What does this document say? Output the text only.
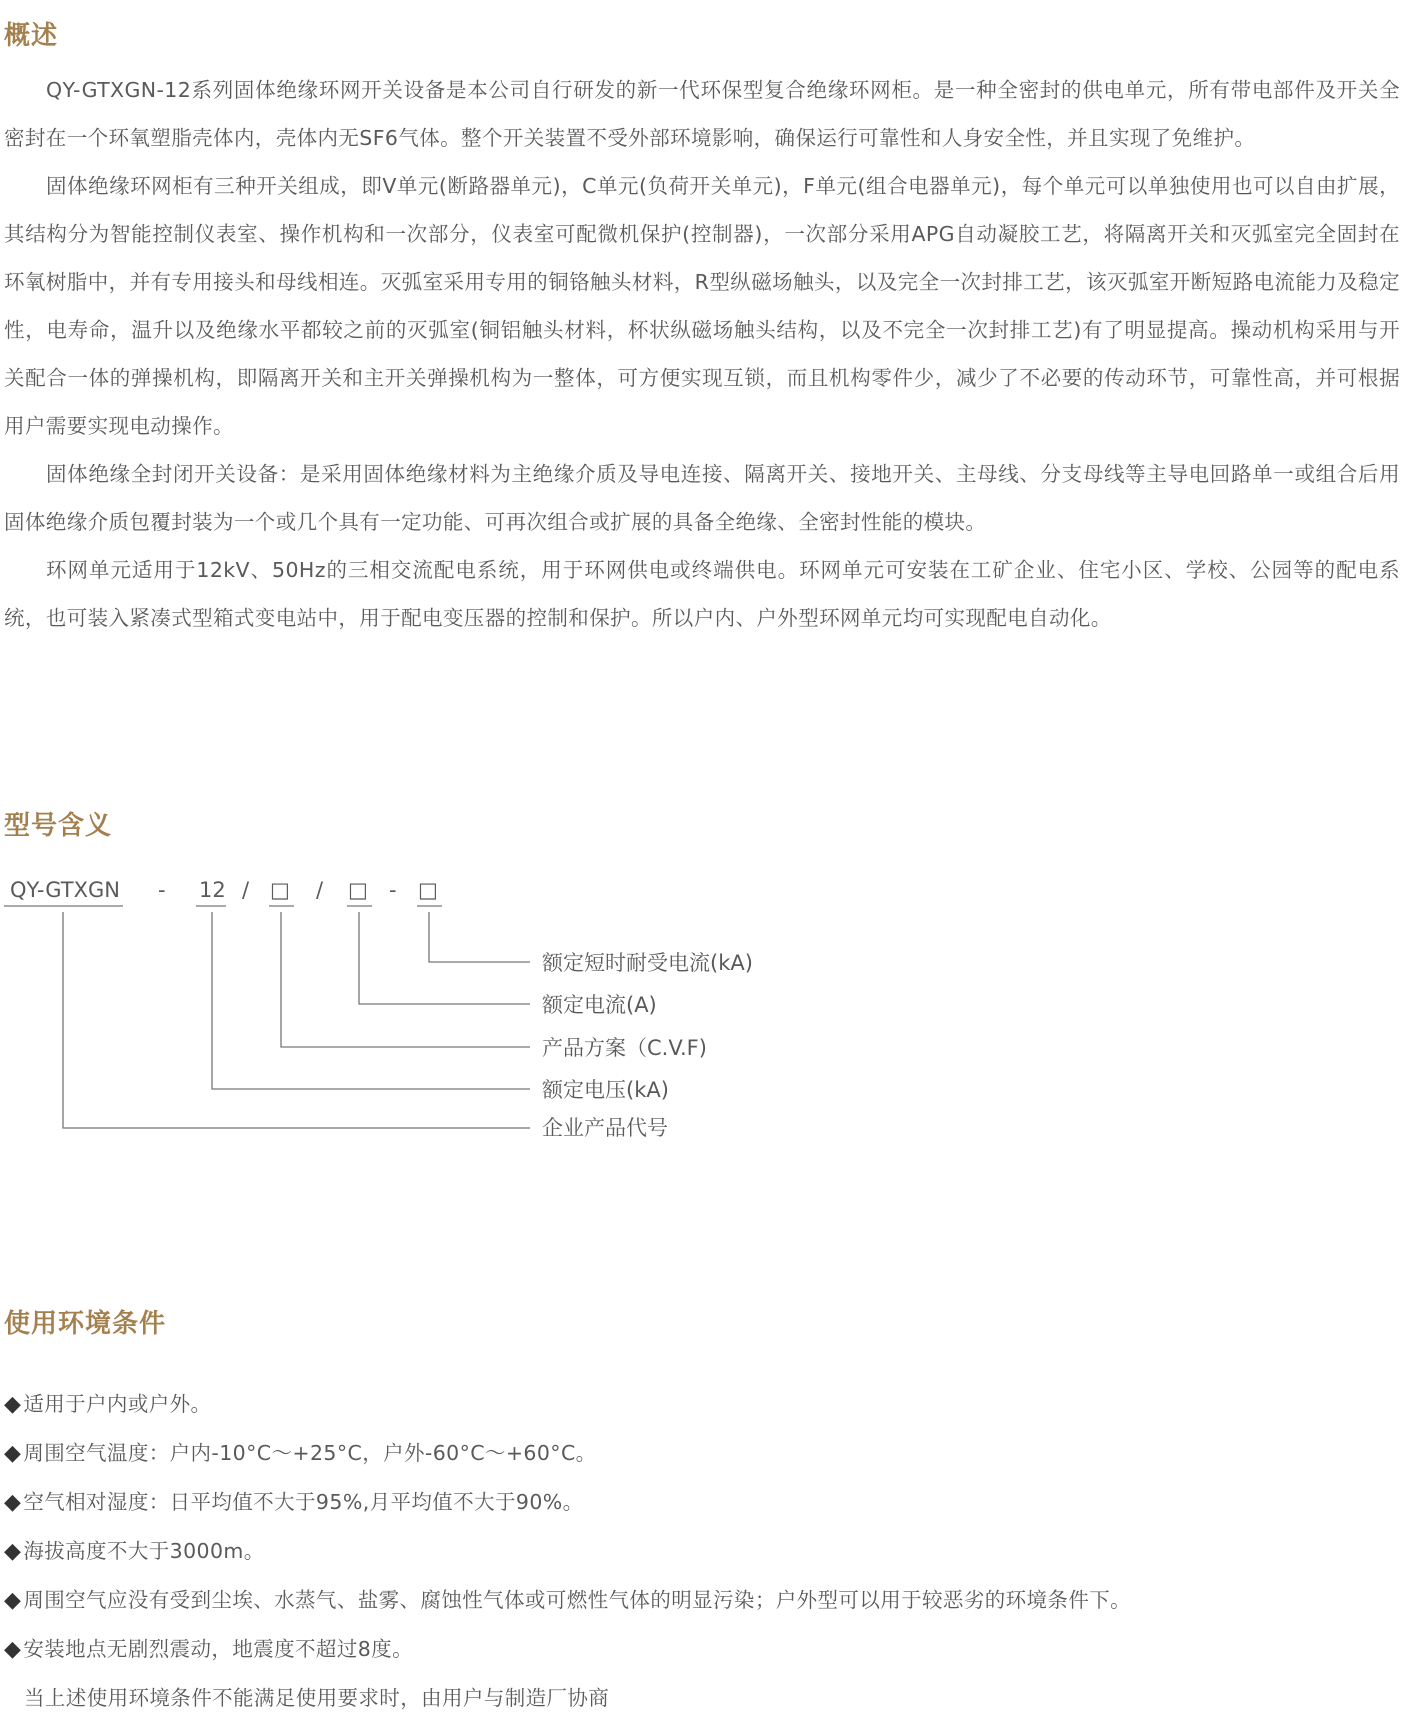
概述

QY-GTXGN-12系列固体绝缘环网开关设备是本公司自行研发的新一代环保型复合绝缘环网柜。是一种全密封的供电单元，所有带电部件及开关全密封在一个环氧塑脂壳体内，壳体内无SF6气体。整个开关装置不受外部环境影响，确保运行可靠性和人身安全性，并且实现了免维护。

固体绝缘环网柜有三种开关组成，即V单元(断路器单元)，C单元(负荷开关单元)，F单元(组合电器单元)，每个单元可以单独使用也可以自由扩展，其结构分为智能控制仪表室、操作机构和一次部分，仪表室可配微机保护(控制器)，一次部分采用APG自动凝胶工艺，将隔离开关和灭弧室完全固封在环氧树脂中，并有专用接头和母线相连。灭弧室采用专用的铜铬触头材料，R型纵磁场触头，以及完全一次封排工艺，该灭弧室开断短路电流能力及稳定性，电寿命，温升以及绝缘水平都较之前的灭弧室(铜铝触头材料，杯状纵磁场触头结构，以及不完全一次封排工艺)有了明显提高。操动机构采用与开关配合一体的弹操机构，即隔离开关和主开关弹操机构为一整体，可方便实现互锁，而且机构零件少，减少了不必要的传动环节，可靠性高，并可根据用户需要实现电动操作。

固体绝缘全封闭开关设备：是采用固体绝缘材料为主绝缘介质及导电连接、隔离开关、接地开关、主母线、分支母线等主导电回路单一或组合后用固体绝缘介质包覆封装为一个或几个具有一定功能、可再次组合或扩展的具备全绝缘、全密封性能的模块。

环网单元适用于12kV、50Hz的三相交流配电系统，用于环网供电或终端供电。环网单元可安装在工矿企业、住宅小区、学校、公园等的配电系统，也可装入紧凑式型箱式变电站中，用于配电变压器的控制和保护。所以户内、户外型环网单元均可实现配电自动化。

型号含义
QY-GTXGN - 12 / □ / □ - □
额定短时耐受电流(kA)
额定电流(A)
产品方案（C.V.F)
额定电压(kA)
企业产品代号
使用环境条件
◆适用于户内或户外。
◆周围空气温度：户内-10°C～+25°C，户外-60°C～+60°C。
◆空气相对湿度：日平均值不大于95%,月平均值不大于90%。
◆海拔高度不大于3000m。
◆周围空气应没有受到尘埃、水蒸气、盐雾、腐蚀性气体或可燃性气体的明显污染；户外型可以用于较恶劣的环境条件下。
◆安装地点无剧烈震动，地震度不超过8度。
当上述使用环境条件不能满足使用要求时，由用户与制造厂协商
